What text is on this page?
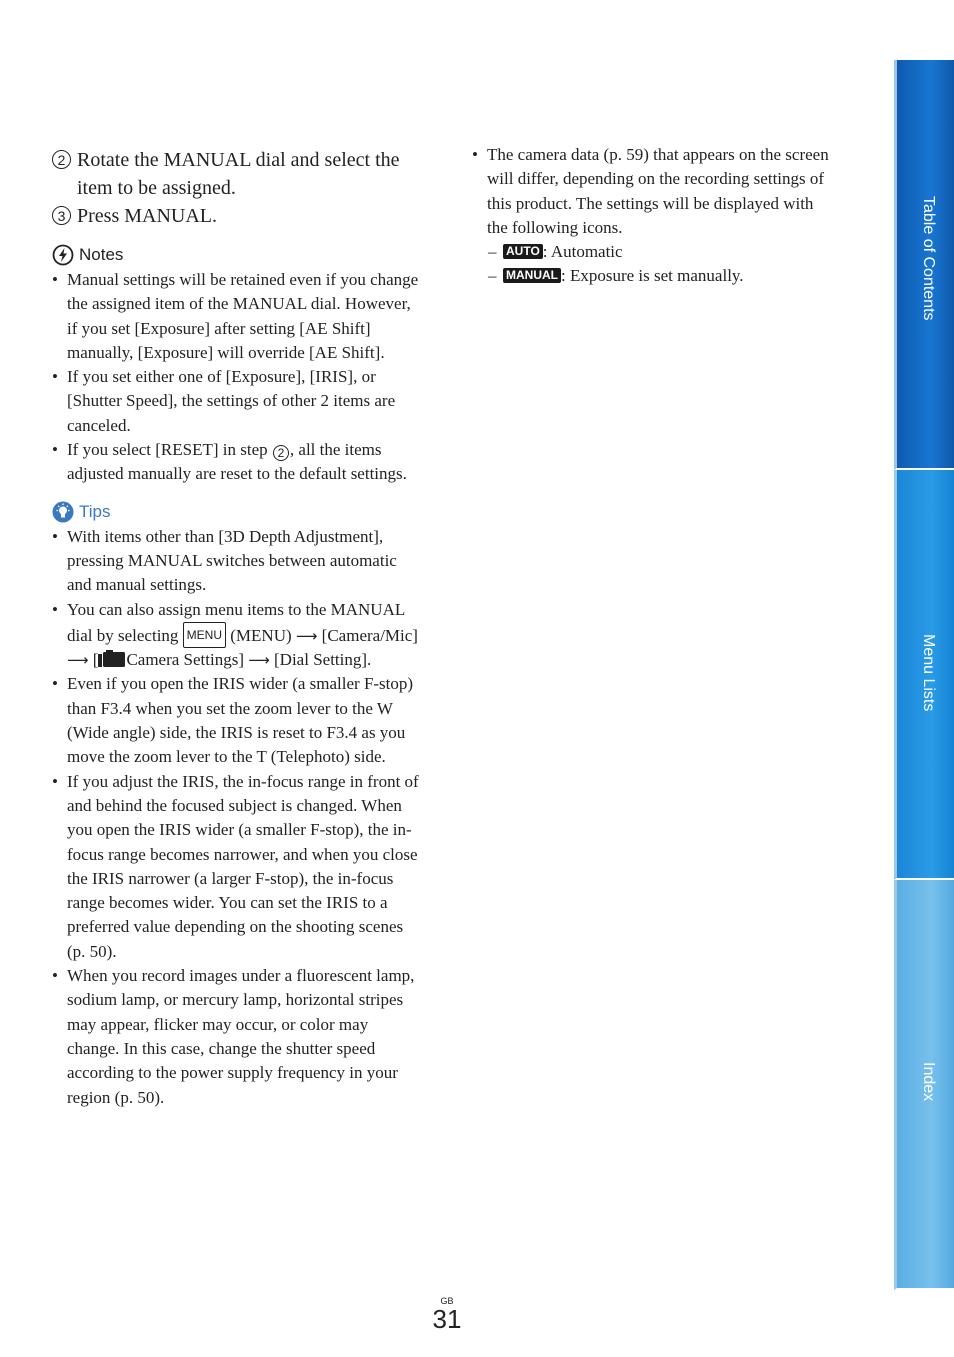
2 Rotate the MANUAL dial and select the item to be assigned.
3 Press MANUAL.
Notes
• Manual settings will be retained even if you change the assigned item of the MANUAL dial. However, if you set [Exposure] after setting [AE Shift] manually, [Exposure] will override [AE Shift].
• If you set either one of [Exposure], [IRIS], or [Shutter Speed], the settings of other 2 items are canceled.
• If you select [RESET] in step 2 , all the items adjusted manually are reset to the default settings.
Tips
• With items other than [3D Depth Adjustment], pressing MANUAL switches between automatic and manual settings.
• You can also assign menu items to the MANUAL dial by selecting MENU (MENU) ⟶ [Camera/Mic] ⟶ [ Camera Settings] ⟶ [Dial Setting].
• Even if you open the IRIS wider (a smaller F-stop) than F3.4 when you set the zoom lever to the W (Wide angle) side, the IRIS is reset to F3.4 as you move the zoom lever to the T (Telephoto) side.
• If you adjust the IRIS, the in-focus range in front of and behind the focused subject is changed. When you open the IRIS wider (a smaller F-stop), the in-focus range becomes narrower, and when you close the IRIS narrower (a larger F-stop), the in-focus range becomes wider. You can set the IRIS to a preferred value depending on the shooting scenes (p. 50).
• When you record images under a fluorescent lamp, sodium lamp, or mercury lamp, horizontal stripes may appear, flicker may occur, or color may change. In this case, change the shutter speed according to the power supply frequency in your region (p. 50).
• The camera data (p. 59) that appears on the screen will differ, depending on the recording settings of this product. The settings will be displayed with the following icons.
– AUTO : Automatic
– MANUAL : Exposure is set manually.	Table of Contents
Menu Lists
Index
GB
31
